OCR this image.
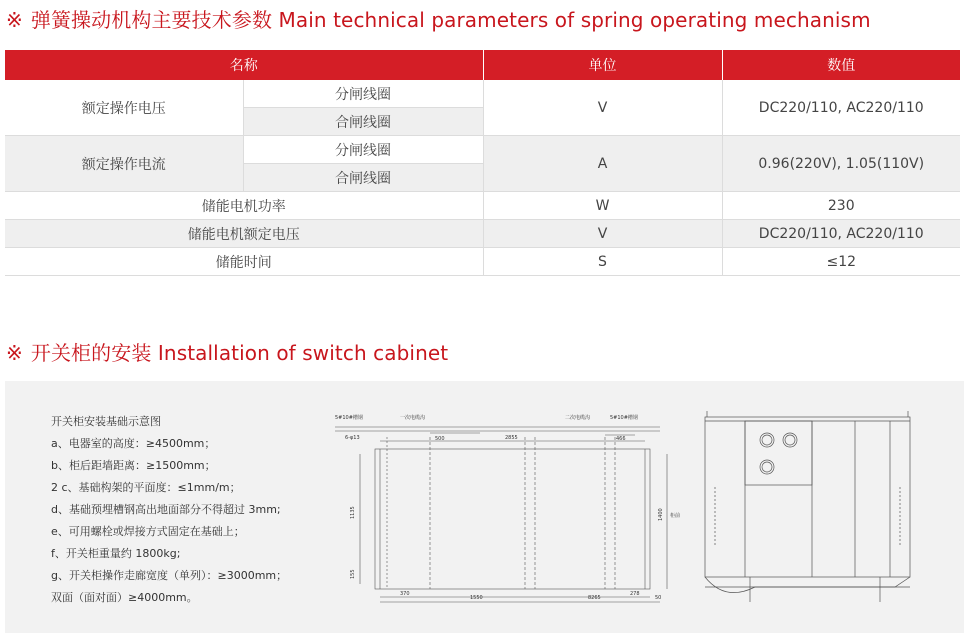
※ 弹簧操动机构主要技术参数 Main technical parameters of spring operating mechanism
名称		单位	数值
额定操作电压	分闸线圈	V	DC220/110, AC220/110
	合闸线圈		
额定操作电流	分闸线圈	A	0.96(220V), 1.05(110V)
	合闸线圈		
储能电机功率		W	230
储能电机额定电压		V	DC220/110, AC220/110
储能时间		S	≤12
※ 开关柜的安装 Installation of switch cabinet
开关柜安装基础示意图
a、电器室的高度：≥4500mm；
b、柜后距墙距离：≥1500mm；
2 c、基础构架的平面度：≤1mm/m；
d、基础预埋槽钢高出地面部分不得超过 3mm;
e、可用螺栓或焊接方式固定在基础上；
f、开关柜重量约 1800kg;
g、开关柜操作走廊宽度（单列）：≥3000mm；
双面（面对面）≥4000mm。
5#10#槽钢	一次电缆沟	二次电缆沟	5#10#槽钢
6-φ13	500	2855	466
1135
155
1400 柜前
370
1550	8265
278
50
